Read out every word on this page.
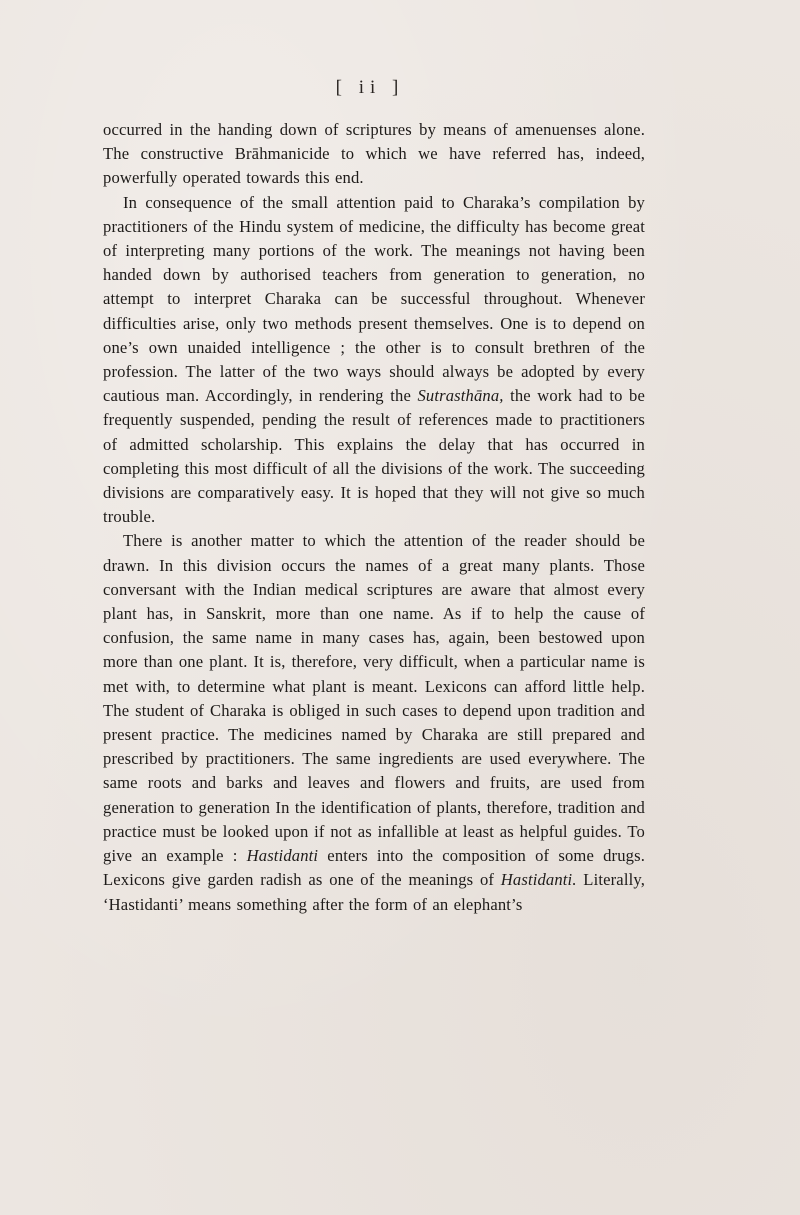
[ ii ]

occurred in the handing down of scriptures by means of amenuenses alone. The constructive Brāhmanicide to which we have referred has, indeed, powerfully operated towards this end.

In consequence of the small attention paid to Charaka’s compilation by practitioners of the Hindu system of medicine, the difficulty has become great of interpreting many portions of the work. The meanings not having been handed down by authorised teachers from generation to generation, no attempt to interpret Charaka can be successful throughout. Whenever difficulties arise, only two methods present themselves. One is to depend on one’s own unaided intelligence ; the other is to consult brethren of the profession. The latter of the two ways should always be adopted by every cautious man. Accordingly, in rendering the Sutrasthāna, the work had to be frequently suspended, pending the result of references made to practitioners of admitted scholarship. This explains the delay that has occurred in completing this most difficult of all the divisions of the work. The succeeding divisions are comparatively easy. It is hoped that they will not give so much trouble.

There is another matter to which the attention of the reader should be drawn. In this division occurs the names of a great many plants. Those conversant with the Indian medical scriptures are aware that almost every plant has, in Sanskrit, more than one name. As if to help the cause of confusion, the same name in many cases has, again, been bestowed upon more than one plant. It is, therefore, very difficult, when a particular name is met with, to determine what plant is meant. Lexicons can afford little help. The student of Charaka is obliged in such cases to depend upon tradition and present practice. The medicines named by Charaka are still prepared and prescribed by practitioners. The same ingredients are used everywhere. The same roots and barks and leaves and flowers and fruits, are used from generation to generation In the identification of plants, therefore, tradition and practice must be looked upon if not as infallible at least as helpful guides. To give an example : Hastidanti enters into the composition of some drugs. Lexicons give garden radish as one of the meanings of Hastidanti. Literally, ‘Hastidanti’ means something after the form of an elephant’s
